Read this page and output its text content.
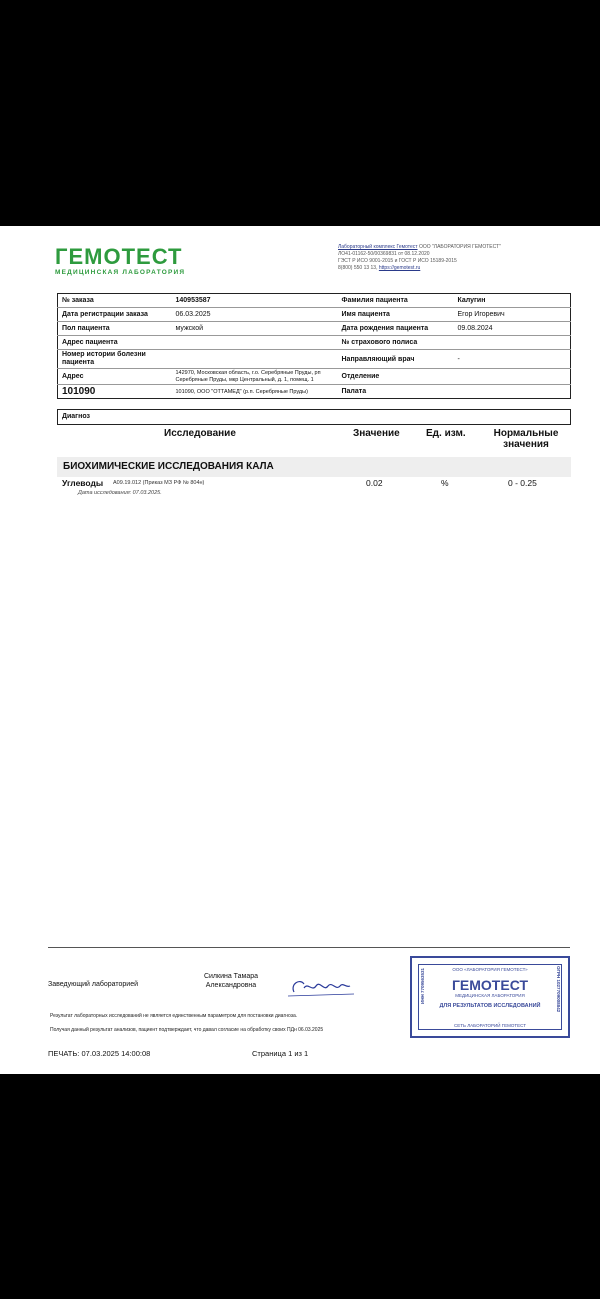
ГЕМОТЕСТ
МЕДИЦИНСКАЯ ЛАБОРАТОРИЯ
Лабораторный комплекс Гемотест ООО "ЛАБОРАТОРИЯ ГЕМОТЕСТ"
ЛО41-01162-50/00369831 от 08.12.2020
ГЭСТ Р ИСО 9001-2015 и ГОСТ Р ИСО 15189-2015
8(800) 550 13 13, https://gemotest.ru
№ заказа	140953587	Фамилия пациента	Калугин
Дата регистрации заказа	06.03.2025	Имя пациента	Егор Игоревич
Пол пациента	мужской	Дата рождения пациента	09.08.2024
Адрес пациента		№ страхового полиса	
Номер истории болезни пациента		Направляющий врач	-
Адрес	142970, Московская область, г.о. Серебряные Пруды, рп Серебряные Пруды, мкр Центральный, д. 1, помещ. 1	Отделение	
101090	101090, ООО "ОТТАМЕД" (р.п. Серебряные Пруды)	Палата	
Диагноз
Исследование	Значение	Ед. изм.	Нормальные значения
БИОХИМИЧЕСКИЕ ИССЛЕДОВАНИЯ КАЛА
Углеводы A09.19.012 (Приказ МЗ РФ № 804н)	0.02	%	0 - 0.25
Дата исследования: 07.03.2025.
Заведующий лабораторией
Силкина Тамара Александровна
Результат лабораторных исследований не является единственным параметром для постановки диагноза.
Получая данный результат анализов, пациент подтверждает, что давал согласие на обработку своих ПДн 06.03.2025
ПЕЧАТЬ: 07.03.2025 14:00:08	Страница 1 из 1
ООО «ЛАБОРАТОРИЯ ГЕМОТЕСТ»
ГЕМОТЕСТ
МЕДИЦИНСКАЯ ЛАБОРАТОРИЯ
ДЛЯ РЕЗУЛЬТАТОВ ИССЛЕДОВАНИЙ
СЕТЬ ЛАБОРАТОРИЙ ГЕМОТЕСТ
ИНН 7709563531	ОГРН 1027709008842
